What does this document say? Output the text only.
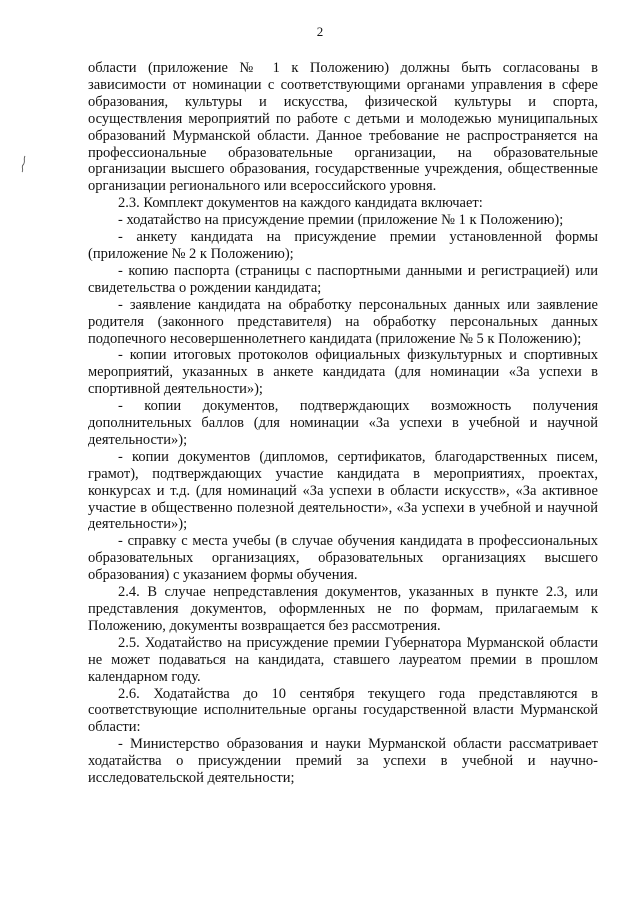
2

области (приложение № 1 к Положению) должны быть согласованы в зависимости от номинации с соответствующими органами управления в сфере образования, культуры и искусства, физической культуры и спорта, осуществления мероприятий по работе с детьми и молодежью муниципальных образований Мурманской области. Данное требование не распространяется на профессиональные образовательные организации, на образовательные организации высшего образования, государственные учреждения, общественные организации регионального или всероссийского уровня.

2.3. Комплект документов на каждого кандидата включает:

- ходатайство на присуждение премии (приложение № 1 к Положению);

- анкету кандидата на присуждение премии установленной формы (приложение № 2 к Положению);

- копию паспорта (страницы с паспортными данными и регистрацией) или свидетельства о рождении кандидата;

- заявление кандидата на обработку персональных данных или заявление родителя (законного представителя) на обработку персональных данных подопечного несовершеннолетнего кандидата (приложение № 5 к Положению);

- копии итоговых протоколов официальных физкультурных и спортивных мероприятий, указанных в анкете кандидата (для номинации «За успехи в спортивной деятельности»);

- копии документов, подтверждающих возможность получения дополнительных баллов (для номинации «За успехи в учебной и научной деятельности»);

- копии документов (дипломов, сертификатов, благодарственных писем, грамот), подтверждающих участие кандидата в мероприятиях, проектах, конкурсах и т.д. (для номинаций «За успехи в области искусств», «За активное участие в общественно полезной деятельности», «За успехи в учебной и научной деятельности»);

- справку с места учебы (в случае обучения кандидата в профессиональных образовательных организациях, образовательных организациях высшего образования) с указанием формы обучения.

2.4. В случае непредставления документов, указанных в пункте 2.3, или представления документов, оформленных не по формам, прилагаемым к Положению, документы возвращается без рассмотрения.

2.5. Ходатайство на присуждение премии Губернатора Мурманской области не может подаваться на кандидата, ставшего лауреатом премии в прошлом календарном году.

2.6. Ходатайства до 10 сентября текущего года представляются в соответствующие исполнительные органы государственной власти Мурманской области:

- Министерство образования и науки Мурманской области рассматривает ходатайства о присуждении премий за успехи в учебной и научно-исследовательской деятельности;
